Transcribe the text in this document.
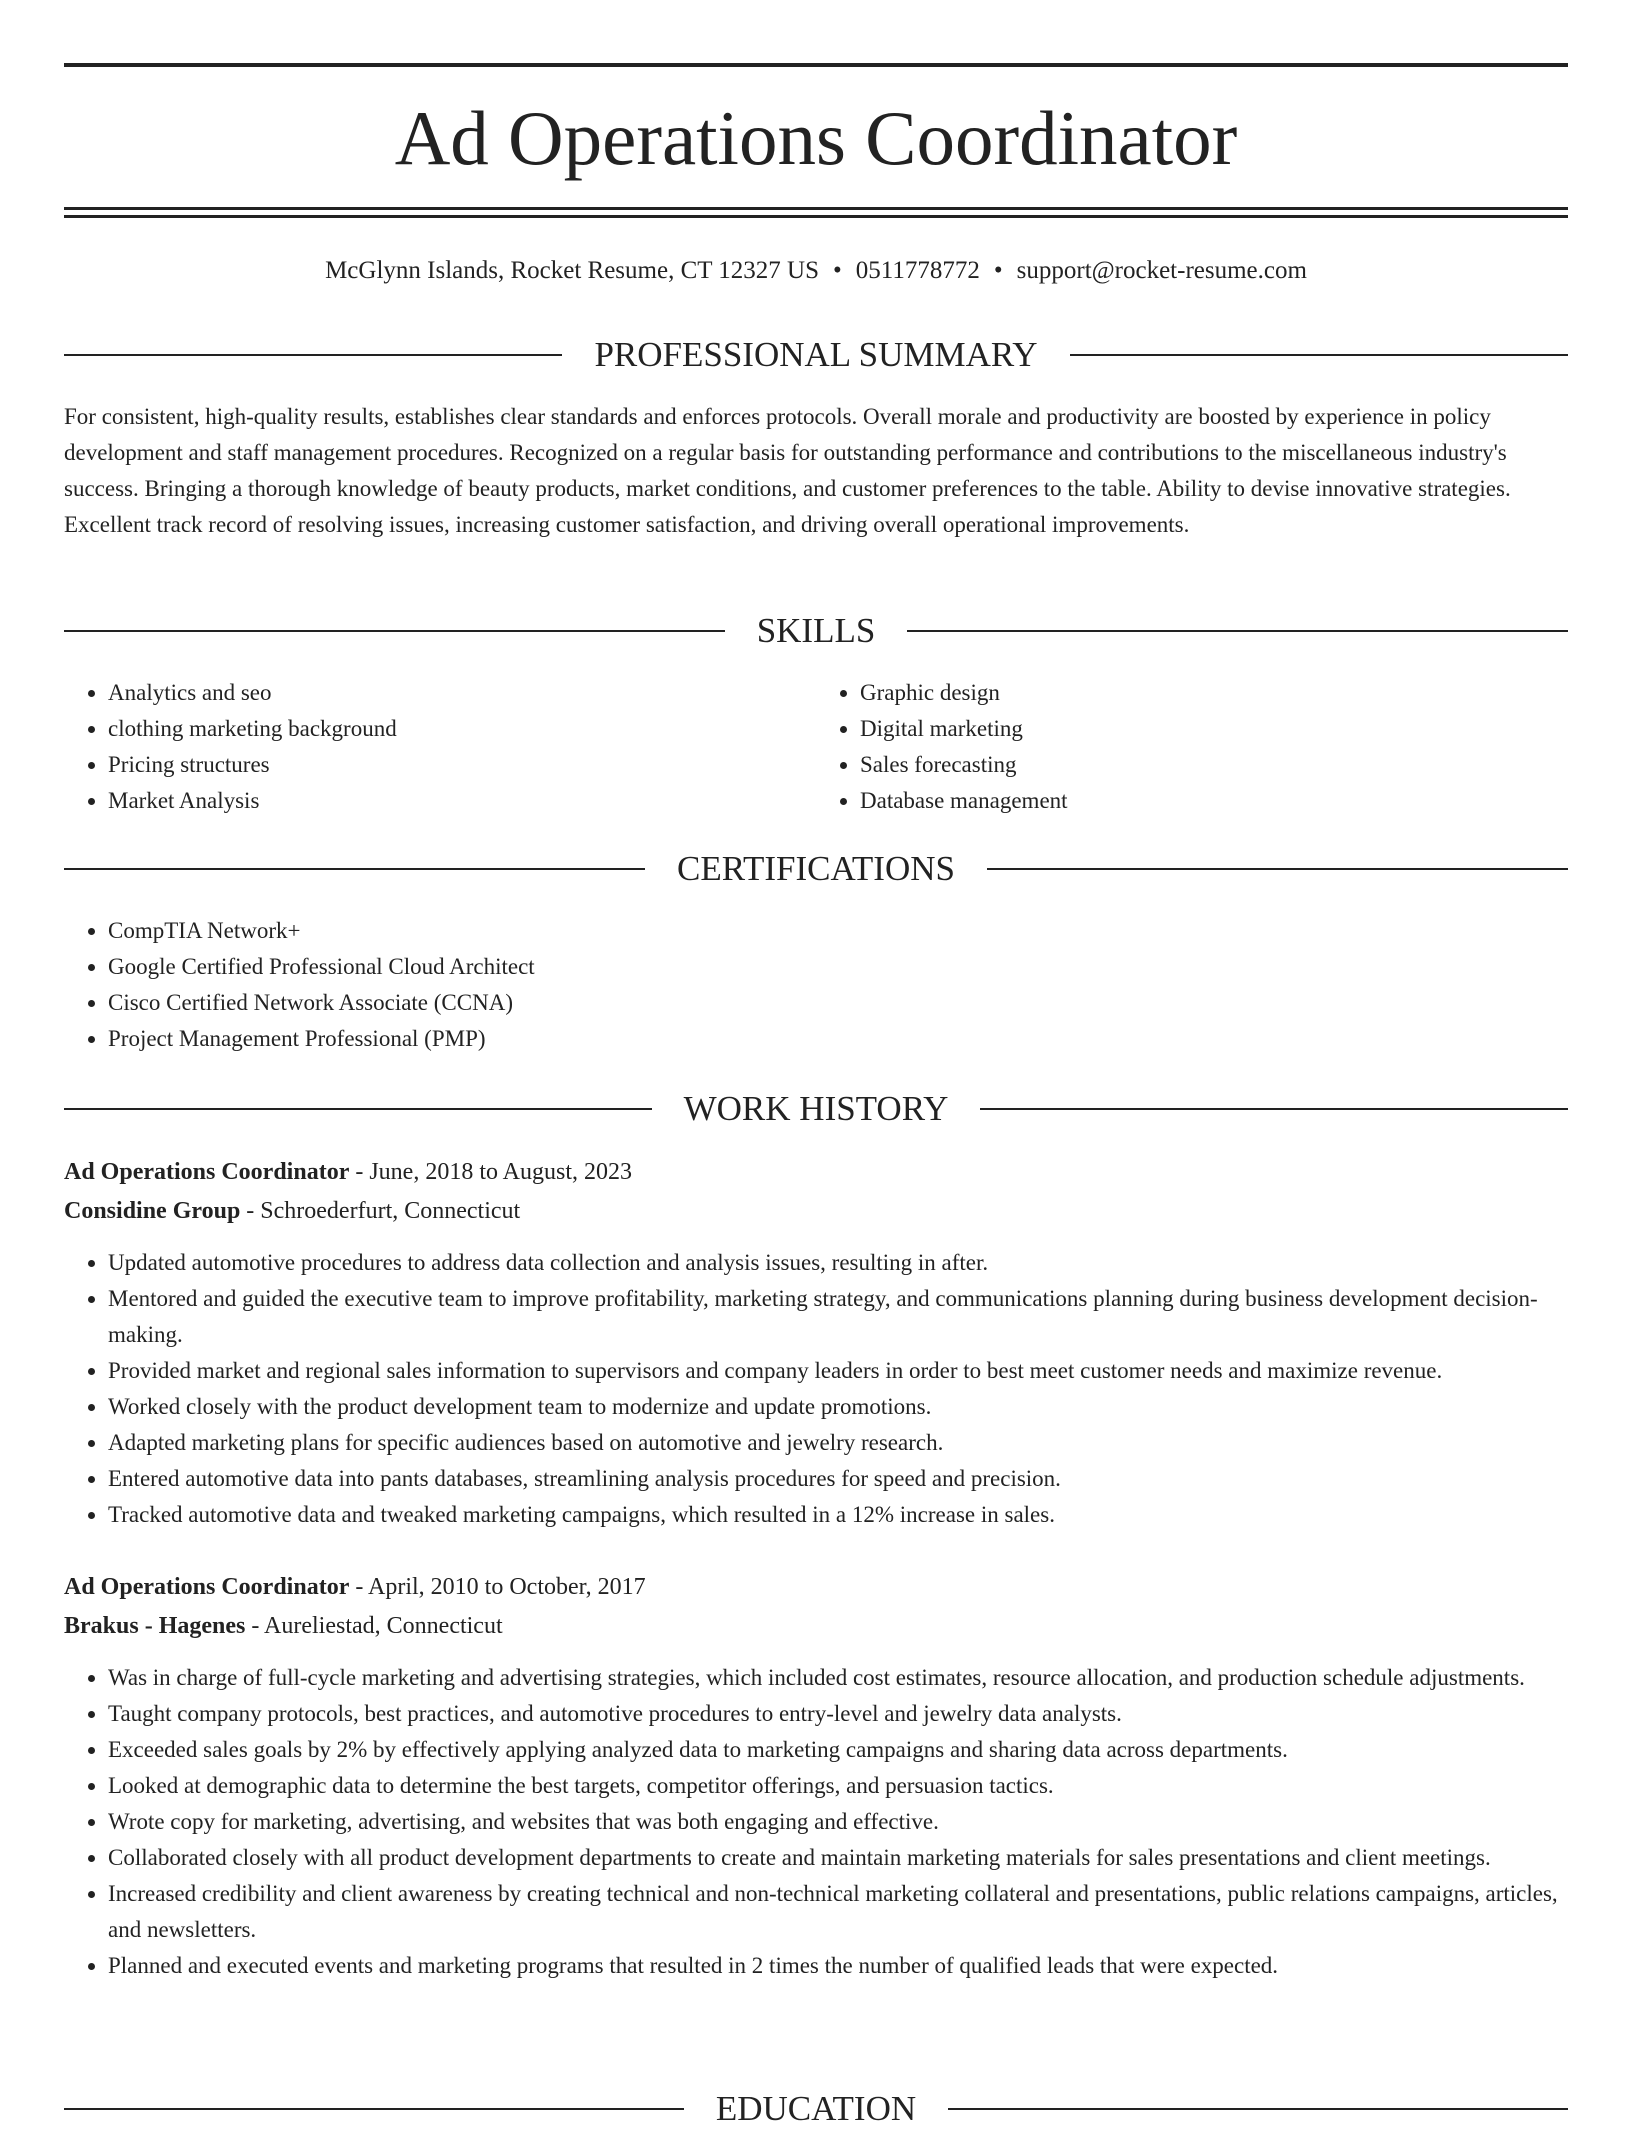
Ad Operations Coordinator
McGlynn Islands, Rocket Resume, CT 12327 US • 0511778772 • support@rocket-resume.com
PROFESSIONAL SUMMARY

For consistent, high-quality results, establishes clear standards and enforces protocols. Overall morale and productivity are boosted by experience in policy development and staff management procedures. Recognized on a regular basis for outstanding performance and contributions to the miscellaneous industry's success. Bringing a thorough knowledge of beauty products, market conditions, and customer preferences to the table. Ability to devise innovative strategies. Excellent track record of resolving issues, increasing customer satisfaction, and driving overall operational improvements.

SKILLS
• Analytics and seo
• clothing marketing background
• Pricing structures
• Market Analysis
• Graphic design
• Digital marketing
• Sales forecasting
• Database management
CERTIFICATIONS
• CompTIA Network+
• Google Certified Professional Cloud Architect
• Cisco Certified Network Associate (CCNA)
• Project Management Professional (PMP)
WORK HISTORY

Ad Operations Coordinator - June, 2018 to August, 2023

Considine Group - Schroederfurt, Connecticut

• Updated automotive procedures to address data collection and analysis issues, resulting in after.
• Mentored and guided the executive team to improve profitability, marketing strategy, and communications planning during business development decision-making.
• Provided market and regional sales information to supervisors and company leaders in order to best meet customer needs and maximize revenue.
• Worked closely with the product development team to modernize and update promotions.
• Adapted marketing plans for specific audiences based on automotive and jewelry research.
• Entered automotive data into pants databases, streamlining analysis procedures for speed and precision.
• Tracked automotive data and tweaked marketing campaigns, which resulted in a 12% increase in sales.

Ad Operations Coordinator - April, 2010 to October, 2017

Brakus - Hagenes - Aureliestad, Connecticut

• Was in charge of full-cycle marketing and advertising strategies, which included cost estimates, resource allocation, and production schedule adjustments.
• Taught company protocols, best practices, and automotive procedures to entry-level and jewelry data analysts.
• Exceeded sales goals by 2% by effectively applying analyzed data to marketing campaigns and sharing data across departments.
• Looked at demographic data to determine the best targets, competitor offerings, and persuasion tactics.
• Wrote copy for marketing, advertising, and websites that was both engaging and effective.
• Collaborated closely with all product development departments to create and maintain marketing materials for sales presentations and client meetings.
• Increased credibility and client awareness by creating technical and non-technical marketing collateral and presentations, public relations campaigns, articles, and newsletters.
• Planned and executed events and marketing programs that resulted in 2 times the number of qualified leads that were expected.
EDUCATION
